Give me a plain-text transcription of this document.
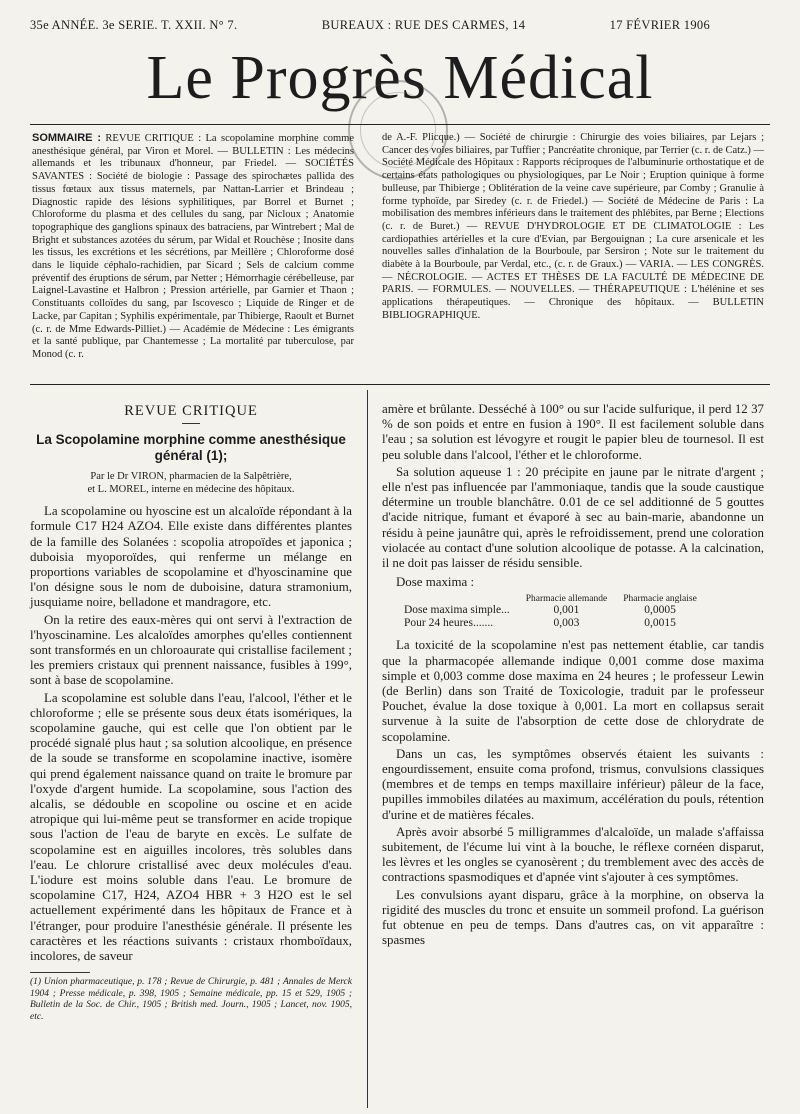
35e ANNÉE. 3e SERIE. T. XXII. N° 7.	BUREAUX : RUE DES CARMES, 14	17 FÉVRIER 1906
Le Progrès Médical
SOMMAIRE : REVUE CRITIQUE : La scopolamine morphine comme anesthésique général, par Viron et Morel. — BULLETIN : Les médecins allemands et les tribunaux d'honneur, par Friedel. — SOCIÉTÉS SAVANTES : Société de biologie : Passage des spirochætes pallida des tissus fœtaux aux tissus maternels, par Nattan-Larrier et Brindeau ; Diagnostic rapide des lésions syphilitiques, par Borrel et Burnet ; Chloroforme du plasma et des cellules du sang, par Nicloux ; Anatomie topographique des ganglions spinaux des batraciens, par Wintrebert ; Mal de Bright et substances azotées du sérum, par Widal et Rouchèse ; Inosite dans les tissus, les excrétions et les sécrétions, par Meillère ; Chloroforme dosé dans le liquide céphalo-rachidien, par Sicard ; Sels de calcium comme préventif des éruptions de sérum, par Netter ; Hémorrhagie cérébelleuse, par Laignel-Lavastine et Halbron ; Pression artérielle, par Garnier et Thaon ; Constituants colloïdes du sang, par Iscovesco ; Liquide de Ringer et de Lacke, par Capitan ; Syphilis expérimentale, par Thibierge, Raoult et Burnet (c. r. de Mme Edwards-Pilliet.) — Académie de Médecine : Les émigrants et la santé publique, par Chantemesse ; La mortalité par tuberculose, par Monod (c. r.
de A.-F. Plicque.) — Société de chirurgie : Chirurgie des voies biliaires, par Lejars ; Cancer des voies biliaires, par Tuffier ; Pancréatite chronique, par Terrier (c. r. de Catz.) — Société Médicale des Hôpitaux : Rapports réciproques de l'albuminurie orthostatique et de certains états pathologiques ou physiologiques, par Le Noir ; Eruption quinique à forme bulleuse, par Thibierge ; Oblitération de la veine cave supérieure, par Comby ; Granulie à forme typhoïde, par Siredey (c. r. de Friedel.) — Société de Médecine de Paris : La mobilisation des membres inférieurs dans le traitement des phlébites, par Berne ; Elections (c. r. de Buret.) — REVUE D'HYDROLOGIE ET DE CLIMATOLOGIE : Les cardiopathies artérielles et la cure d'Evian, par Bergouignan ; La cure arsenicale et les nouvelles salles d'inhalation de la Bourboule, par Sersiron ; Note sur le traitement du diabète à la Bourboule, par Verdal, etc., (c. r. de Graux.) — VARIA. — LES CONGRÈS. — NÉCROLOGIE. — ACTES ET THÈSES DE LA FACULTÉ DE MÉDECINE DE PARIS. — FORMULES. — NOUVELLES. — THÉRAPEUTIQUE : L'hélénine et ses applications thérapeutiques. — Chronique des hôpitaux. — BULLETIN BIBLIOGRAPHIQUE.
REVUE CRITIQUE
La Scopolamine morphine comme anesthésique général (1);
Par le Dr VIRON, pharmacien de la Salpêtrière,
et L. MOREL, interne en médecine des hôpitaux.

La scopolamine ou hyoscine est un alcaloïde répondant à la formule C17 H24 AZO4. Elle existe dans différentes plantes de la famille des Solanées : scopolia atropoïdes et japonica ; duboisia myoporoïdes, qui renferme un mélange en proportions variables de scopolamine et d'hyoscinamine que l'on désigne sous le nom de duboisine, datura stramonium, jusquiame noire, belladone et mandragore, etc.

On la retire des eaux-mères qui ont servi à l'extraction de l'hyoscinamine. Les alcaloïdes amorphes qu'elles contiennent sont transformés en un chloroaurate qui cristallise facilement ; les premiers cristaux qui prennent naissance, fusibles à 199°, sont à base de scopolamine.

La scopolamine est soluble dans l'eau, l'alcool, l'éther et le chloroforme ; elle se présente sous deux états isomériques, la scopolamine gauche, qui est celle que l'on obtient par le procédé signalé plus haut ; sa solution alcoolique, en présence de la soude se transforme en scopolamine inactive, isomère qui prend également naissance quand on traite le bromure par l'oxyde d'argent humide. La scopolamine, sous l'action des alcalis, se dédouble en scopoline ou oscine et en acide atropique qui lui-même peut se transformer en acide tropique sous l'action de l'eau de baryte en excès. Le sulfate de scopolamine est en aiguilles incolores, très solubles dans l'eau. Le chlorure cristallisé avec deux molécules d'eau. L'iodure est moins soluble dans l'eau. Le bromure de scopolamine C17, H24, AZO4 HBR + 3 H2O est le sel actuellement expérimenté dans les hôpitaux de France et à l'étranger, pour produire l'anesthésie générale. Il présente les caractères et les réactions suivants : cristaux rhomboïdaux, incolores, de saveur

(1) Union pharmaceutique, p. 178 ; Revue de Chirurgie, p. 481 ; Annales de Merck 1904 ; Presse médicale, p. 398, 1905 ; Semaine médicale, pp. 15 et 529, 1905 ; Bulletin de la Soc. de Chir., 1905 ; British med. Journ., 1905 ; Lancet, nov. 1905, etc.

amère et brûlante. Desséché à 100° ou sur l'acide sulfurique, il perd 12 37 % de son poids et entre en fusion à 190°. Il est facilement soluble dans l'eau ; sa solution est lévogyre et rougit le papier bleu de tournesol. Il est peu soluble dans l'alcool, l'éther et le chloroforme.

Sa solution aqueuse 1 : 20 précipite en jaune par le nitrate d'argent ; elle n'est pas influencée par l'ammoniaque, tandis que la soude caustique détermine un trouble blanchâtre. 0.01 de ce sel additionné de 5 gouttes d'acide nitrique, fumant et évaporé à sec au bain-marie, abandonne un résidu à peine jaunâtre qui, après le refroidissement, prend une coloration violacée au contact d'une solution alcoolique de potasse. A la calcination, il ne doit pas laisser de résidu sensible.

Dose maxima :
	Pharmacie allemande	Pharmacie anglaise
Dose maxima simple...	0,001	0,0005
Pour 24 heures.......	0,003	0,0015

La toxicité de la scopolamine n'est pas nettement établie, car tandis que la pharmacopée allemande indique 0,001 comme dose maxima simple et 0,003 comme dose maxima en 24 heures ; le professeur Lewin (de Berlin) dans son Traité de Toxicologie, traduit par le professeur Pouchet, évalue la dose toxique à 0,001. La mort en collapsus serait survenue à la suite de l'absorption de cette dose de chlorydrate de scopolamine.

Dans un cas, les symptômes observés étaient les suivants : engourdissement, ensuite coma profond, trismus, convulsions classiques (membres et de temps en temps maxillaire inférieur) pâleur de la face, pupilles immobiles dilatées au maximum, accélération du pouls, rétention d'urine et de matières fécales.

Après avoir absorbé 5 milligrammes d'alcaloïde, un malade s'affaissa subitement, de l'écume lui vint à la bouche, le réflexe cornéen disparut, les lèvres et les ongles se cyanosèrent ; du tremblement avec des accès de contractions spasmodiques et d'apnée vint s'ajouter à ces symptômes.

Les convulsions ayant disparu, grâce à la morphine, on observa la rigidité des muscles du tronc et ensuite un sommeil profond. La guérison fut obtenue en peu de temps. Dans d'autres cas, on vit apparaître : spasmes
